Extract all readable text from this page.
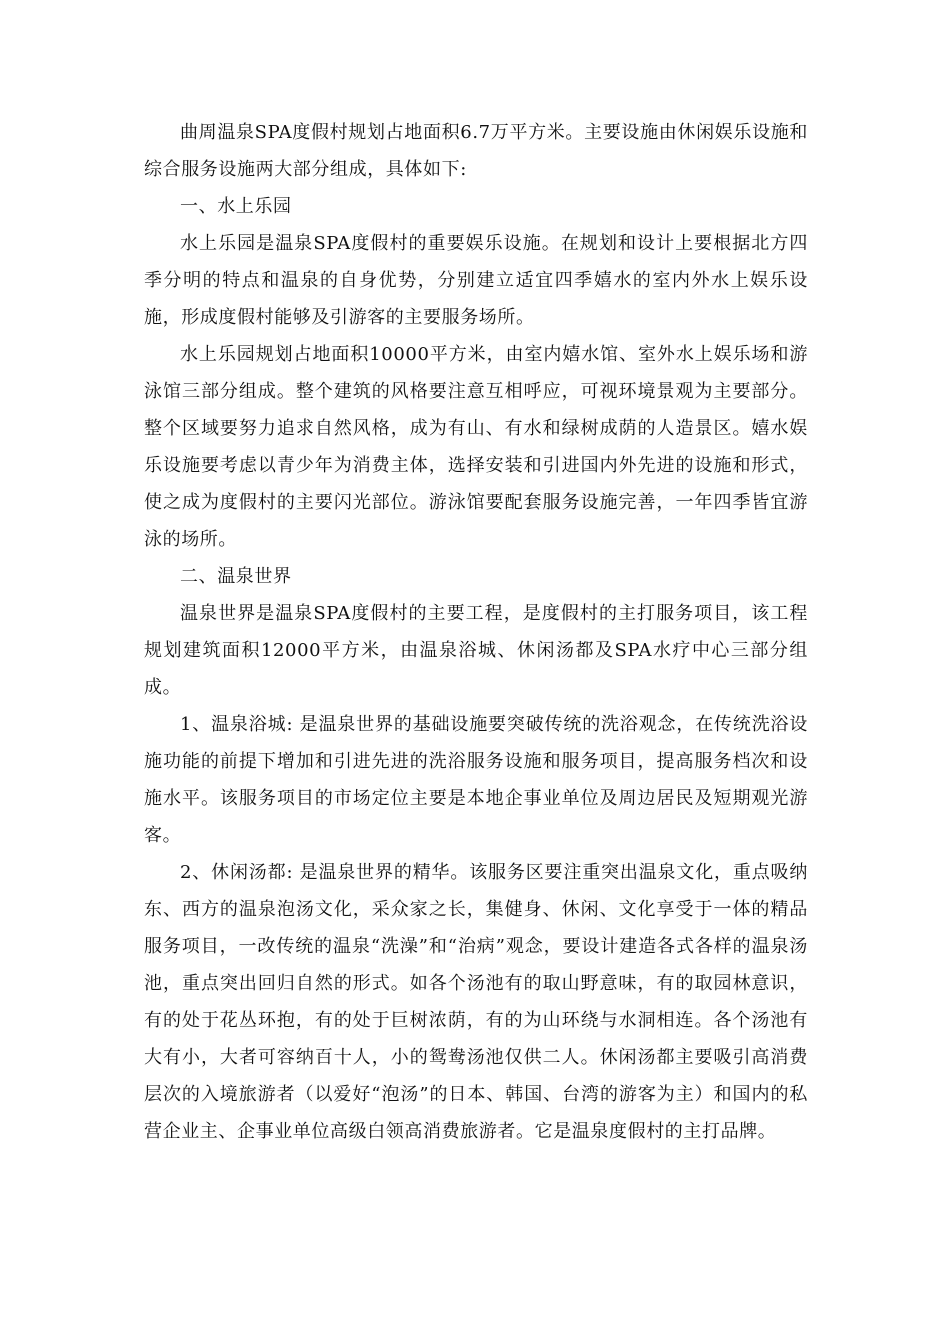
曲周温泉SPA度假村规划占地面积6.7万平方米。主要设施由休闲娱乐设施和综合服务设施两大部分组成，具体如下:

一、水上乐园

水上乐园是温泉SPA度假村的重要娱乐设施。在规划和设计上要根据北方四季分明的特点和温泉的自身优势，分别建立适宜四季嬉水的室内外水上娱乐设施，形成度假村能够及引游客的主要服务场所。

水上乐园规划占地面积10000平方米，由室内嬉水馆、室外水上娱乐场和游泳馆三部分组成。整个建筑的风格要注意互相呼应，可视环境景观为主要部分。整个区域要努力追求自然风格，成为有山、有水和绿树成荫的人造景区。嬉水娱乐设施要考虑以青少年为消费主体，选择安装和引进国内外先进的设施和形式，使之成为度假村的主要闪光部位。游泳馆要配套服务设施完善，一年四季皆宜游泳的场所。

二、温泉世界

温泉世界是温泉SPA度假村的主要工程，是度假村的主打服务项目，该工程规划建筑面积12000平方米，由温泉浴城、休闲汤都及SPA水疗中心三部分组成。

1、温泉浴城: 是温泉世界的基础设施要突破传统的洗浴观念，在传统洗浴设施功能的前提下增加和引进先进的洗浴服务设施和服务项目，提高服务档次和设施水平。该服务项目的市场定位主要是本地企事业单位及周边居民及短期观光游客。

2、休闲汤都: 是温泉世界的精华。该服务区要注重突出温泉文化，重点吸纳东、西方的温泉泡汤文化，采众家之长，集健身、休闲、文化享受于一体的精品服务项目，一改传统的温泉“洗澡”和“治病”观念，要设计建造各式各样的温泉汤池，重点突出回归自然的形式。如各个汤池有的取山野意味，有的取园林意识，有的处于花丛环抱，有的处于巨树浓荫，有的为山环绕与水洞相连。各个汤池有大有小，大者可容纳百十人，小的鸳鸯汤池仅供二人。休闲汤都主要吸引高消费层次的入境旅游者（以爱好“泡汤”的日本、韩国、台湾的游客为主）和国内的私营企业主、企事业单位高级白领高消费旅游者。它是温泉度假村的主打品牌。
